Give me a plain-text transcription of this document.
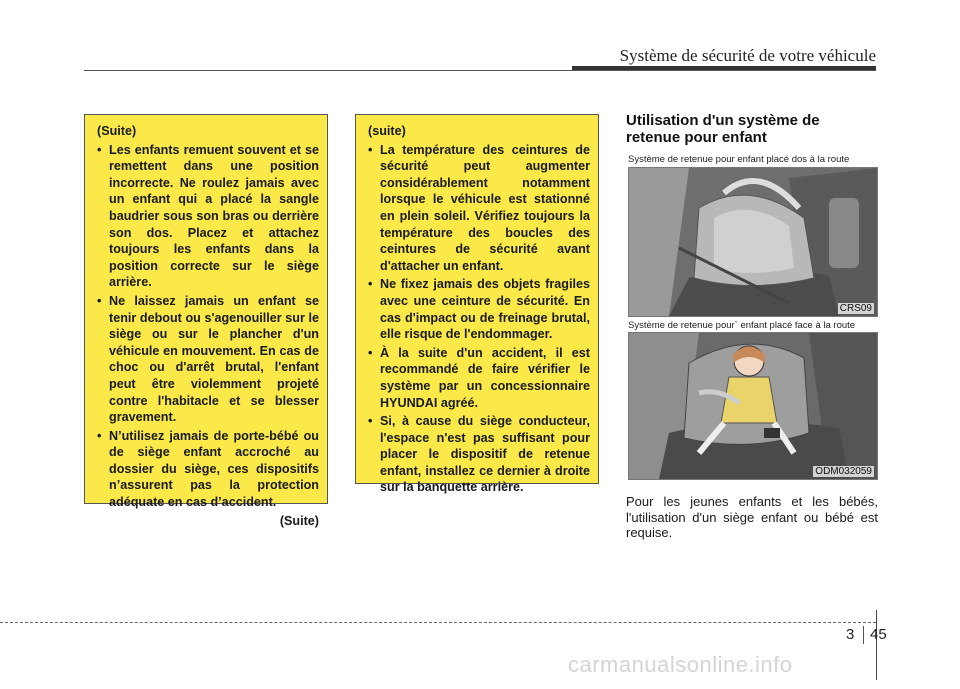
Système de sécurité de votre véhicule
(Suite)
• Les enfants remuent souvent et se remettent dans une position incorrecte. Ne roulez jamais avec un enfant qui a placé la sangle baudrier sous son bras ou derrière son dos. Placez et attachez toujours les enfants dans la position correcte sur le siège arrière.
• Ne laissez jamais un enfant se tenir debout ou s'agenouiller sur le siège ou sur le plancher d'un véhicule en mouvement. En cas de choc ou d'arrêt brutal, l'enfant peut être violemment projeté contre l'habitacle et se blesser gravement.
• N’utilisez jamais de porte-bébé ou de siège enfant accroché au dossier du siège, ces dispositifs n’assurent pas la protection adéquate en cas d’accident.
(Suite)
(suite)
• La température des ceintures de sécurité peut augmenter considérablement notamment lorsque le véhicule est stationné en plein soleil. Vérifiez toujours la température des boucles des ceintures de sécurité avant d'attacher un enfant.
• Ne fixez jamais des objets fragiles avec une ceinture de sécurité. En cas d'impact ou de freinage brutal, elle risque de l'endommager.
• À la suite d'un accident, il est recommandé de faire vérifier le système par un concessionnaire HYUNDAI agréé.
• Si, à cause du siège conducteur, l'espace n'est pas suffisant pour placer le dispositif de retenue enfant, installez ce dernier à droite sur la banquette arrière.
Utilisation d'un système de retenue pour enfant
Système de retenue pour enfant placé dos à la route
CRS09
Système de retenue pour` enfant placé face à la route
ODM032059
Pour les jeunes enfants et les bébés, l'utilisation d'un siège enfant ou bébé est requise.
3 45
carmanualsonline.info
